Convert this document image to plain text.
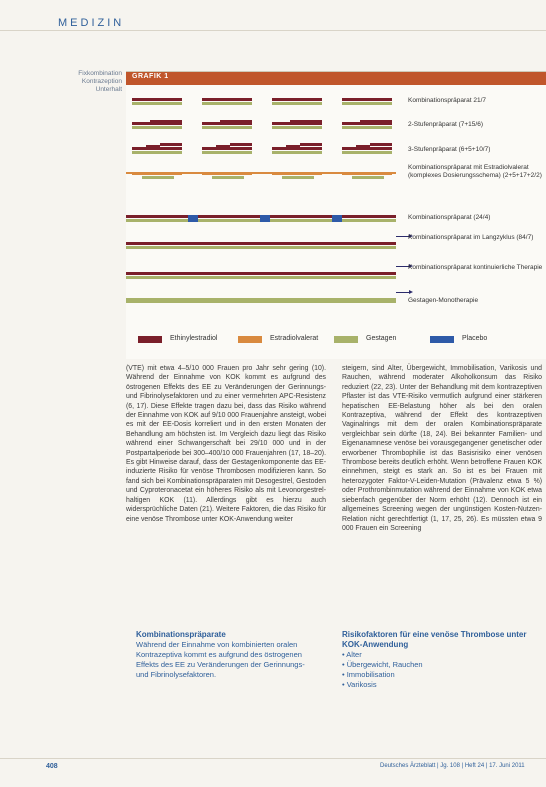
MEDIZIN
Fixkombination Kontrazeption Unterhalt
GRAFIK 1
Kombinationspräparat 21/7
2-Stufenpräparat (7+15/6)
3-Stufenpräparat (6+5+10/7)
Kombinationspräparat mit Estradiolvalerat (komplexes Dosierungsschema) (2+5+17+2/2)
Kombinationspräparat (24/4)
Kombinationspräparat im Langzyklus (84/7)
Kombinationspräparat kontinuierliche Therapie
Gestagen-Monotherapie
Ethinylestradiol	Estradiolvalerat	Gestagen	Placebo

(VTE) mit etwa 4–5/10 000 Frauen pro Jahr sehr gering (10). Während der Einnahme von KOK kommt es aufgrund des östrogenen Effekts des EE zu Veränderungen der Gerinnungs- und Fibrinolysefaktoren und zu einer vermehrten APC-Resistenz (6, 17). Diese Effekte tragen dazu bei, dass das Risiko während der Einnahme von KOK auf 9/10 000 Frauenjahre ansteigt, wobei es mit der EE-Dosis korreliert und in den ersten Monaten der Behandlung am höchsten ist. Im Vergleich dazu liegt das Risiko während einer Schwangerschaft bei 29/10 000 und in der Postpartalperiode bei 300–400/10 000 Frauenjahren (17, 18–20). Es gibt Hinweise darauf, dass der Gestagenkomponente das EE-induzierte Risiko für venöse Thrombosen modifizieren kann. So fand sich bei Kombinationspräparaten mit Desogestrel, Gestoden und Cyproteronacetat ein höheres Risiko als mit Levonorgestrel-haltigen KOK (11). Allerdings gibt es hierzu auch widersprüchliche Daten (21). Weitere Faktoren, die das Risiko für eine venöse Thrombose unter KOK-Anwendung weiter

steigern, sind Alter, Übergewicht, Immobilisation, Varikosis und Rauchen, während moderater Alkoholkonsum das Risiko reduziert (22, 23). Unter der Behandlung mit dem kontrazeptiven Pflaster ist das VTE-Risiko vermutlich aufgrund einer stärkeren hepatischen EE-Belastung höher als bei den oralen Kontrazeptiva, während der Effekt des kontrazeptiven Vaginalrings mit dem der oralen Kombinationspräparate vergleichbar sein dürfte (18, 24). Bei bekannter Familien- und Eigenanamnese venöse bei vorausgegangener genetischer oder erworbener Thrombophilie ist das Basisrisiko einer venösen Thrombose bereits deutlich erhöht. Wenn betroffene Frauen KOK einnehmen, steigt es stark an. So ist es bei Frauen mit heterozygoter Faktor-V-Leiden-Mutation (Prävalenz etwa 5 %) oder Prothrombinmutation während der Einnahme von KOK etwa siebenfach gegenüber der Norm erhöht (12). Dennoch ist ein allgemeines Screening wegen der ungünstigen Kosten-Nutzen-Relation nicht gerechtfertigt (1, 17, 25, 26). Es müssten etwa 9 000 Frauen ein Screening

Kombinationspräparate
Während der Einnahme von kombinierten oralen Kontrazeptiva kommt es aufgrund des östrogenen Effekts des EE zu Veränderungen der Gerinnungs- und Fibrinolysefaktoren.
Risikofaktoren für eine venöse Thrombose unter KOK-Anwendung
• Alter
• Übergewicht, Rauchen
• Immobilisation
• Varikosis
408	Deutsches Ärzteblatt | Jg. 108 | Heft 24 | 17. Juni 2011
